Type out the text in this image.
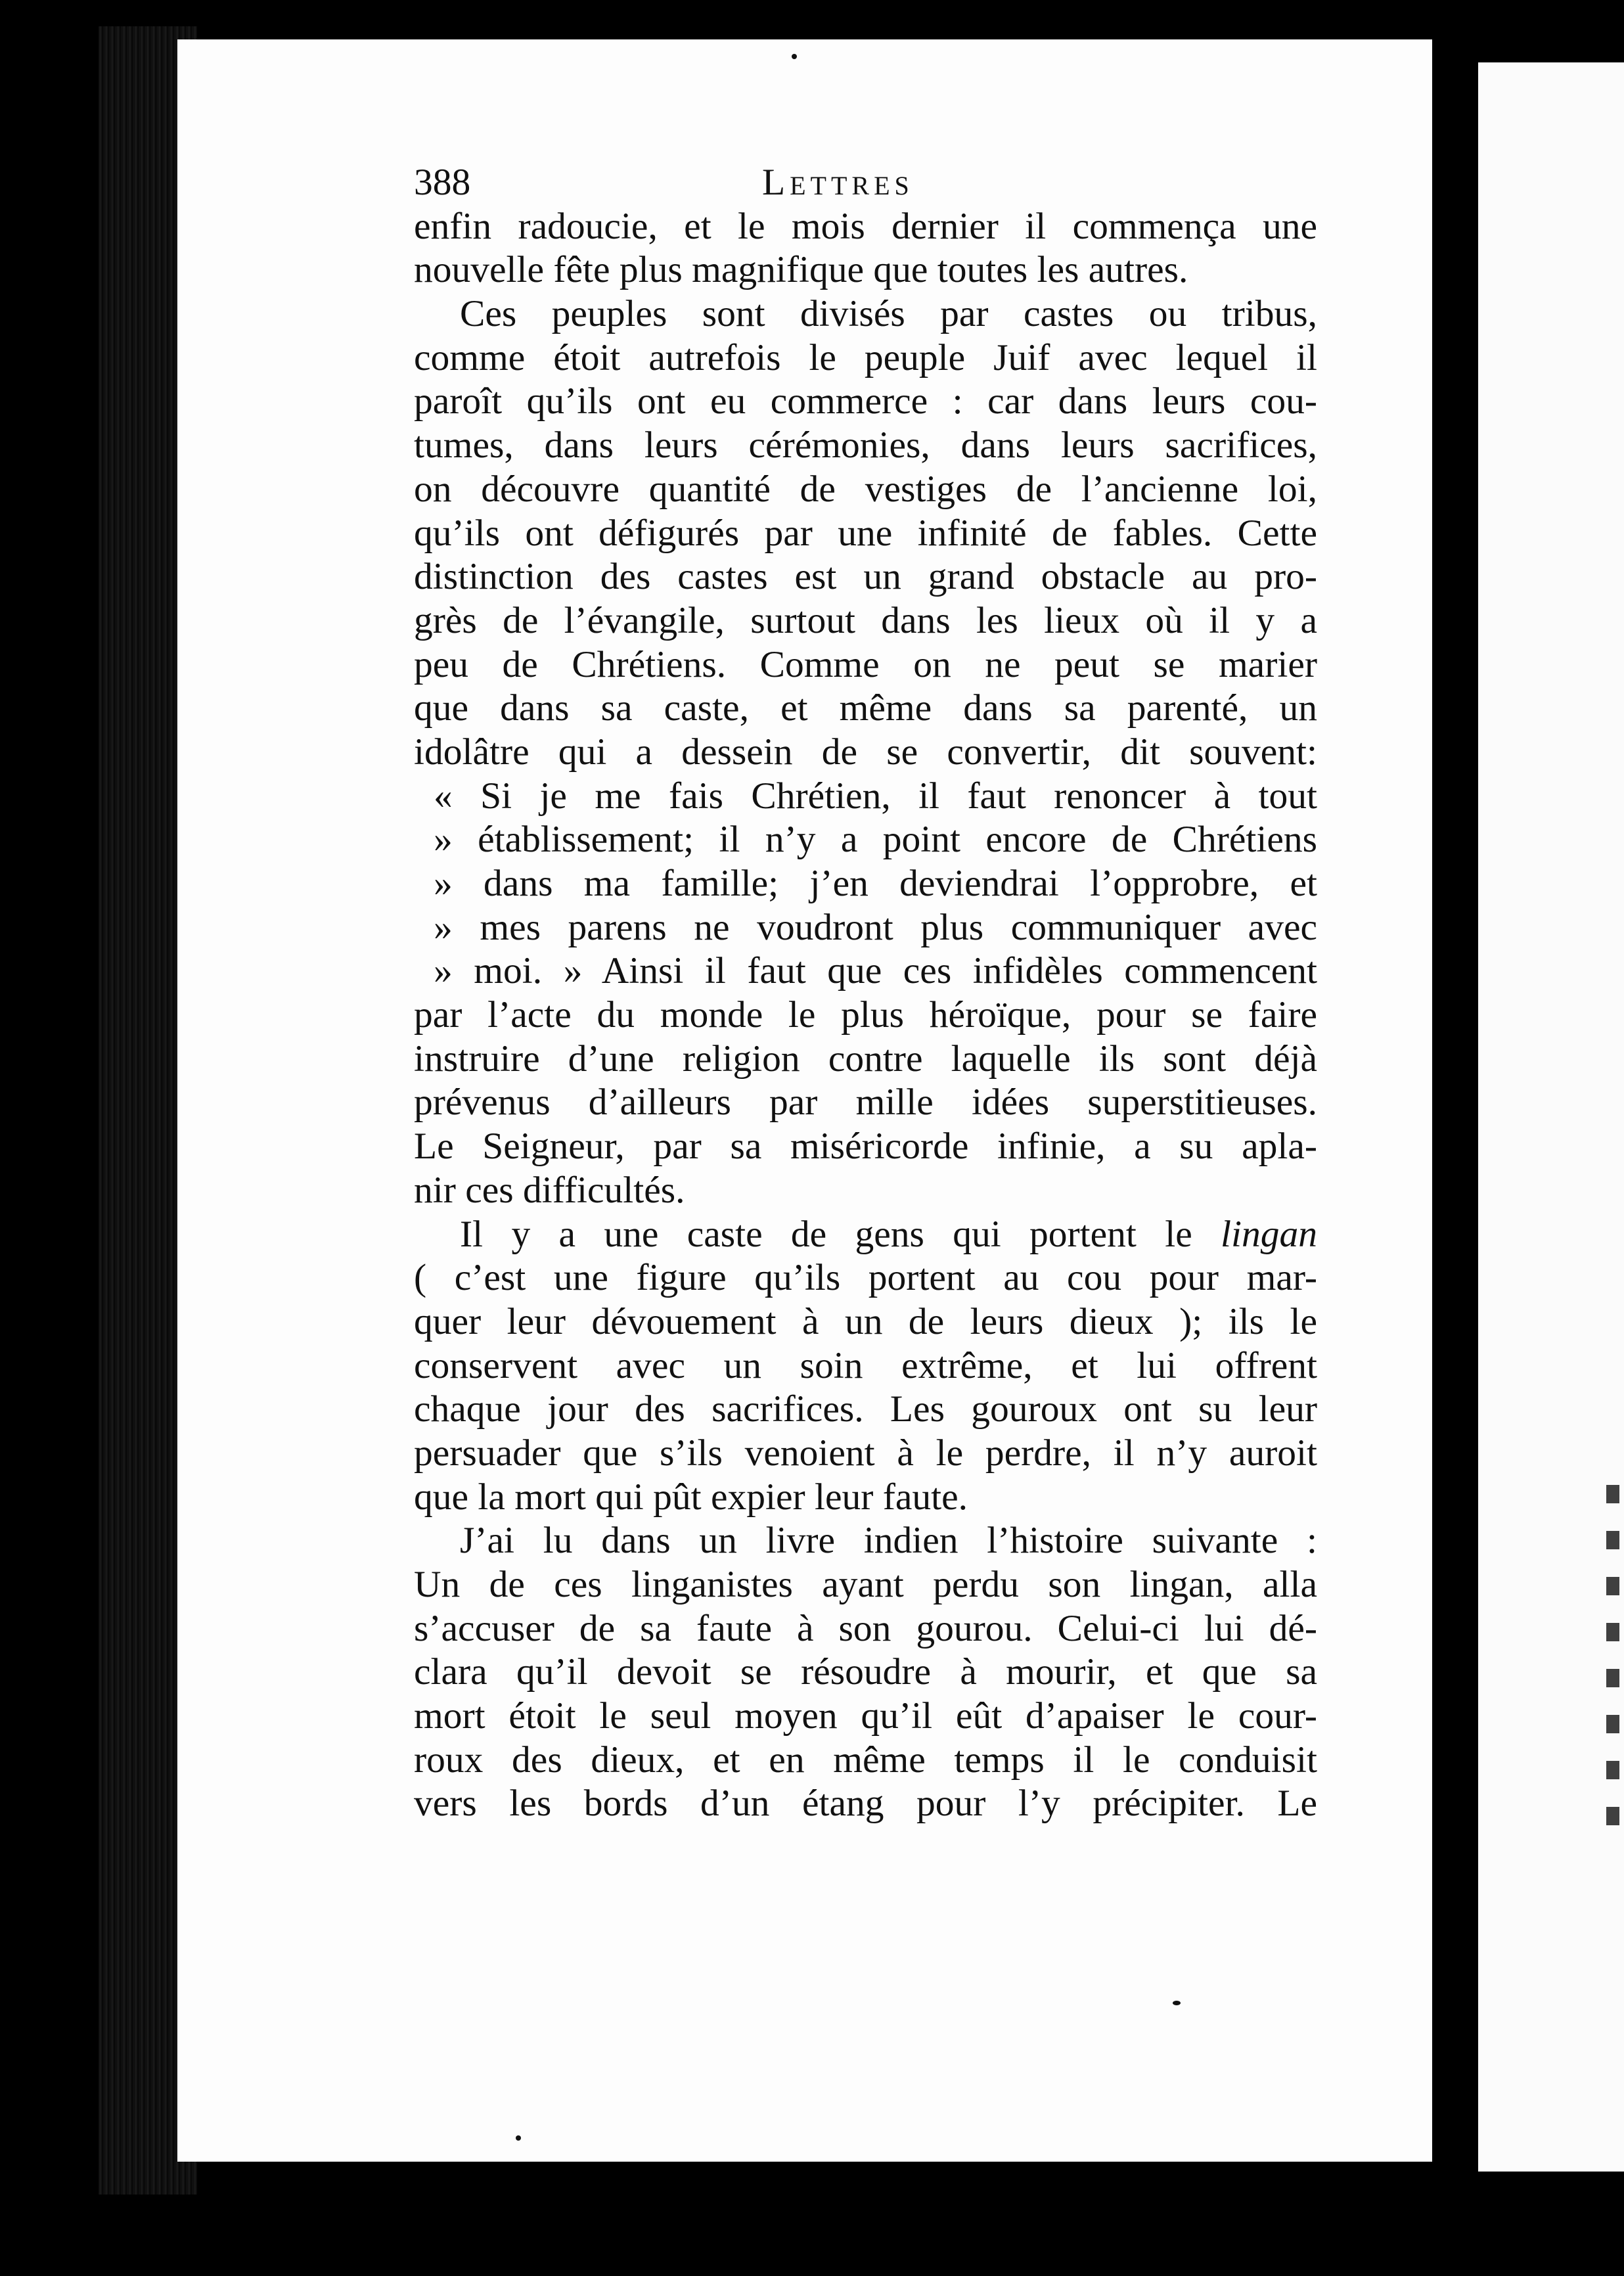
388	Lettres
enfin radoucie, et le mois dernier il commença une
nouvelle fête plus magnifique que toutes les autres.
Ces peuples sont divisés par castes ou tribus,
comme étoit autrefois le peuple Juif avec lequel il
paroît qu’ils ont eu commerce : car dans leurs cou-
tumes, dans leurs cérémonies, dans leurs sacrifices,
on découvre quantité de vestiges de l’ancienne loi,
qu’ils ont défigurés par une infinité de fables. Cette
distinction des castes est un grand obstacle au pro-
grès de l’évangile, surtout dans les lieux où il y a
peu de Chrétiens. Comme on ne peut se marier
que dans sa caste, et même dans sa parenté, un
idolâtre qui a dessein de se convertir, dit souvent:
« Si je me fais Chrétien, il faut renoncer à tout
» établissement; il n’y a point encore de Chrétiens
» dans ma famille; j’en deviendrai l’opprobre, et
» mes parens ne voudront plus communiquer avec
» moi. » Ainsi il faut que ces infidèles commencent
par l’acte du monde le plus héroïque, pour se faire
instruire d’une religion contre laquelle ils sont déjà
prévenus d’ailleurs par mille idées superstitieuses.
Le Seigneur, par sa miséricorde infinie, a su apla-
nir ces difficultés.
Il y a une caste de gens qui portent le lingan
( c’est une figure qu’ils portent au cou pour mar-
quer leur dévouement à un de leurs dieux ); ils le
conservent avec un soin extrême, et lui offrent
chaque jour des sacrifices. Les gouroux ont su leur
persuader que s’ils venoient à le perdre, il n’y auroit
que la mort qui pût expier leur faute.
J’ai lu dans un livre indien l’histoire suivante :
Un de ces linganistes ayant perdu son lingan, alla
s’accuser de sa faute à son gourou. Celui-ci lui dé-
clara qu’il devoit se résoudre à mourir, et que sa
mort étoit le seul moyen qu’il eût d’apaiser le cour-
roux des dieux, et en même temps il le conduisit
vers les bords d’un étang pour l’y précipiter. Le
